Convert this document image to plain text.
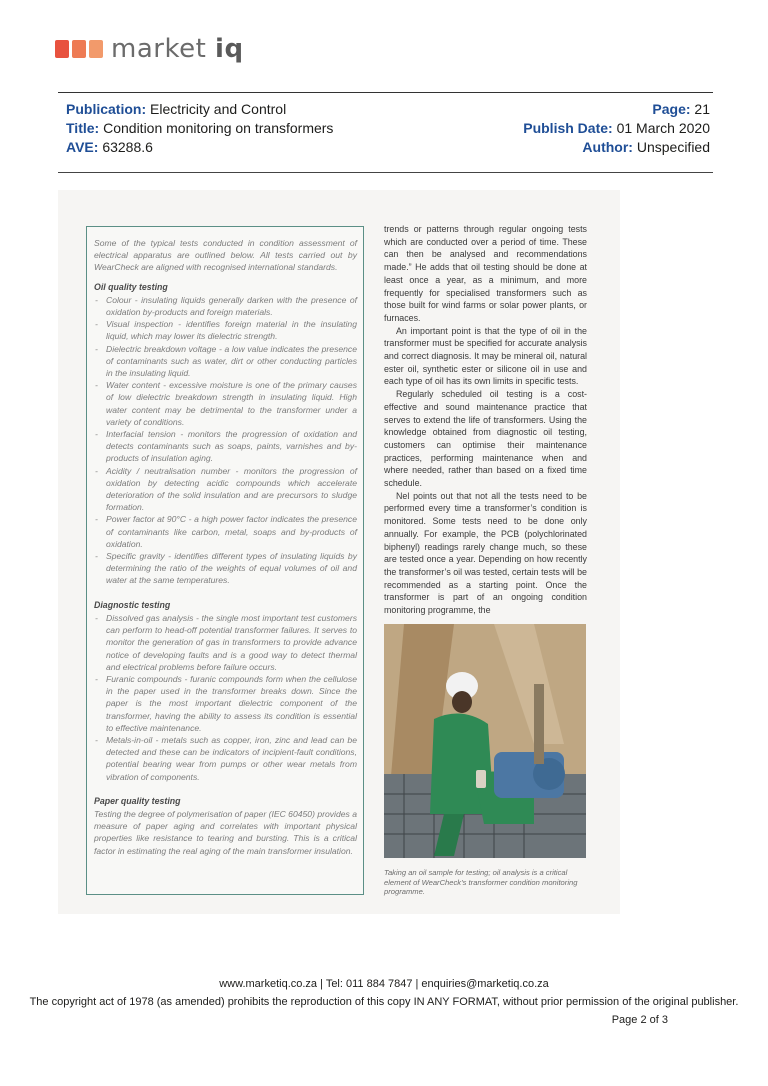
market iq
Publication: Electricity and Control
Title: Condition monitoring on transformers
AVE: 63288.6
Page: 21
Publish Date: 01 March 2020
Author: Unspecified

Some of the typical tests conducted in condition assessment of electrical apparatus are outlined below. All tests carried out by WearCheck are aligned with recognised international standards.

Oil quality testing
- Colour - insulating liquids generally darken with the presence of oxidation by-products and foreign materials.
- Visual inspection - identifies foreign material in the insulating liquid, which may lower its dielectric strength.
- Dielectric breakdown voltage - a low value indicates the presence of contaminants such as water, dirt or other conducting particles in the insulating liquid.
- Water content - excessive moisture is one of the primary causes of low dielectric breakdown strength in insulating liquid. High water content may be detrimental to the transformer under a variety of conditions.
- Interfacial tension - monitors the progression of oxidation and detects contaminants such as soaps, paints, varnishes and by-products of insulation aging.
- Acidity / neutralisation number - monitors the progression of oxidation by detecting acidic compounds which accelerate deterioration of the solid insulation and are precursors to sludge formation.
- Power factor at 90°C - a high power factor indicates the presence of contaminants like carbon, metal, soaps and by-products of oxidation.
- Specific gravity - identifies different types of insulating liquids by determining the ratio of the weights of equal volumes of oil and water at the same temperatures.
Diagnostic testing
- Dissolved gas analysis - the single most important test customers can perform to head-off potential transformer failures. It serves to monitor the generation of gas in transformers to provide advance notice of developing faults and is a good way to detect thermal and electrical problems before failure occurs.
- Furanic compounds - furanic compounds form when the cellulose in the paper used in the transformer breaks down. Since the paper is the most important dielectric component of the transformer, having the ability to assess its condition is essential to effective maintenance.
- Metals-in-oil - metals such as copper, iron, zinc and lead can be detected and these can be indicators of incipient-fault conditions, potential bearing wear from pumps or other wear metals from vibration of components.
Paper quality testing

Testing the degree of polymerisation of paper (IEC 60450) provides a measure of paper aging and correlates with important physical properties like resistance to tearing and bursting. This is a critical factor in estimating the real aging of the main transformer insulation.

trends or patterns through regular ongoing tests which are conducted over a period of time. These can then be analysed and recommendations made.” He adds that oil testing should be done at least once a year, as a minimum, and more frequently for specialised transformers such as those built for wind farms or solar power plants, or furnaces.

An important point is that the type of oil in the transformer must be specified for accurate analysis and correct diagnosis. It may be mineral oil, natural ester oil, synthetic ester or silicone oil in use and each type of oil has its own limits in specific tests.

Regularly scheduled oil testing is a cost-effective and sound maintenance practice that serves to extend the life of transformers. Using the knowledge obtained from diagnostic oil testing, customers can optimise their maintenance practices, performing maintenance when and where needed, rather than based on a fixed time schedule.

Nel points out that not all the tests need to be performed every time a transformer’s condition is monitored. Some tests need to be done only annually. For example, the PCB (polychlorinated biphenyl) readings rarely change much, so these are tested once a year. Depending on how recently the transformer’s oil was tested, certain tests will be recommended as a starting point. Once the transformer is part of an ongoing condition monitoring programme, the

Taking an oil sample for testing; oil analysis is a critical element of WearCheck’s transformer condition monitoring programme.
www.marketiq.co.za | Tel: 011 884 7847 | enquiries@marketiq.co.za
The copyright act of 1978 (as amended) prohibits the reproduction of this copy IN ANY FORMAT, without prior permission of the original publisher.
Page 2 of 3
